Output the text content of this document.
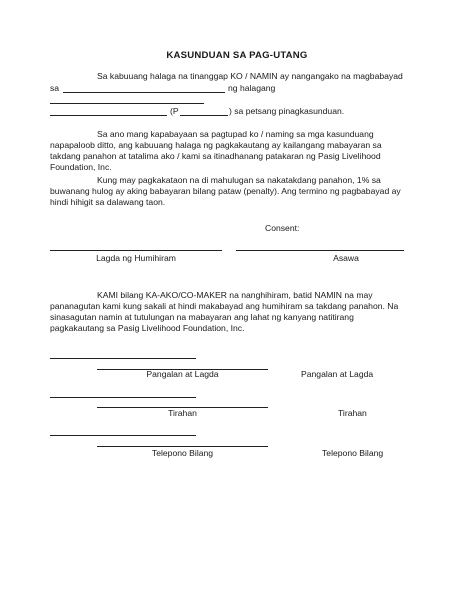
KASUNDUAN SA PAG-UTANG
Sa kabuuang halaga na tinanggap KO / NAMIN ay nangangako na magbabayad
sa	ng halagang
(P	) sa petsang pinagkasunduan.
Sa ano mang kapabayaan sa pagtupad ko / naming sa mga kasunduang
napapaloob ditto, ang kabuuang halaga ng pagkakautang ay kailangang mabayaran sa
takdang panahon at tatalima ako / kami sa itinadhanang patakaran ng Pasig Livelihood
Foundation, Inc.
Kung may pagkakataon na di mahulugan sa nakatakdang panahon, 1% sa
buwanang hulog ay aking babayaran bilang pataw (penalty). Ang termino ng pagbabayad ay
hindi hihigit sa dalawang taon.
Consent:
Lagda ng Humihiram	Asawa
KAMI bilang KA-AKO/CO-MAKER na nanghihiram, batid NAMIN na may
pananagutan kami kung sakali at hindi makabayad ang humihiram sa takdang panahon. Na
sinasagutan namin at tutulungan na mabayaran ang lahat ng kanyang natitirang
pagkakautang sa Pasig Livelihood Foundation, Inc.
Pangalan at Lagda	Pangalan at Lagda
Tirahan	Tirahan
Telepono Bilang	Telepono Bilang
